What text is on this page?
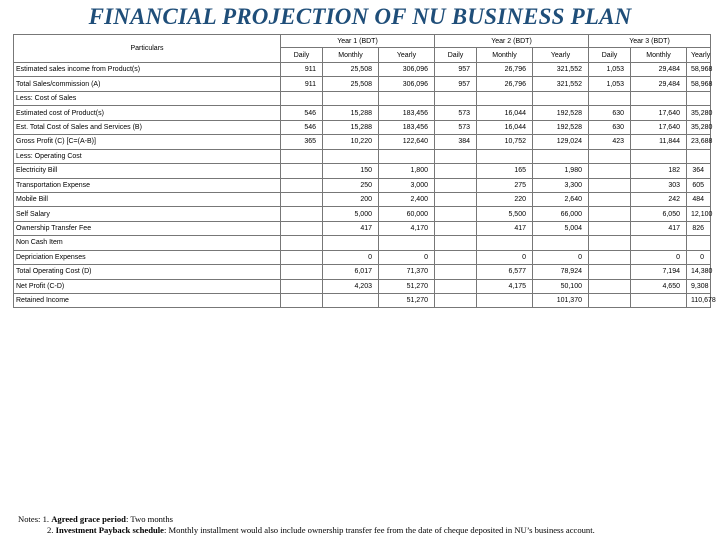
FINANCIAL PROJECTION OF NU BUSINESS PLAN
Particulars	Year 1 (BDT)			Year 2 (BDT)			Year 3 (BDT)		
	Daily	Monthly	Yearly	Daily	Monthly	Yearly	Daily	Monthly	Yearly
Estimated sales income from Product(s)	911	25,508	306,096	957	26,796	321,552	1,053	29,484	58,968
Total Sales/commission (A)	911	25,508	306,096	957	26,796	321,552	1,053	29,484	58,968
Less: Cost of Sales									
Estimated cost of Product(s)	546	15,288	183,456	573	16,044	192,528	630	17,640	35,280
Est. Total Cost of Sales and Services (B)	546	15,288	183,456	573	16,044	192,528	630	17,640	35,280
Gross Profit (C) [C=(A-B)]	365	10,220	122,640	384	10,752	129,024	423	11,844	23,688
Less: Operating Cost									
Electricity Bill		150	1,800		165	1,980		182	364
Transportation Expense		250	3,000		275	3,300		303	605
Mobile Bill		200	2,400		220	2,640		242	484
Self Salary		5,000	60,000		5,500	66,000		6,050	12,100
Ownership Transfer Fee		417	4,170		417	5,004		417	826
Non Cash Item									
Depriciation Expenses		0	0		0	0		0	0
Total Operating Cost (D)		6,017	71,370		6,577	78,924		7,194	14,380
Net Profit (C-D)		4,203	51,270		4,175	50,100		4,650	9,308
Retained Income			51,270			101,370			110,678
Notes: 1. Agreed grace period: Two months
2. Investment Payback schedule: Monthly installment would also include ownership transfer fee from the date of cheque deposited in NU’s business account.
